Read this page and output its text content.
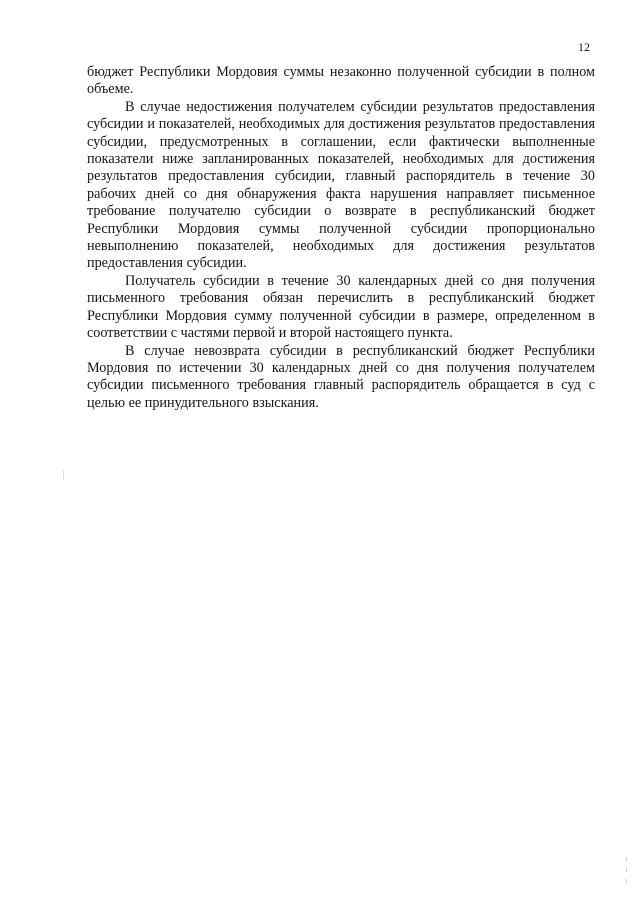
12

бюджет Республики Мордовия суммы незаконно полученной субсидии в полном объеме.

В случае недостижения получателем субсидии результатов предоставления субсидии и показателей, необходимых для достижения результатов предоставления субсидии, предусмотренных в соглашении, если фактически выполненные показатели ниже запланированных показателей, необходимых для достижения результатов предоставления субсидии, главный распорядитель в течение 30 рабочих дней со дня обнаружения факта нарушения направляет письменное требование получателю субсидии о возврате в республиканский бюджет Республики Мордовия суммы полученной субсидии пропорционально невыполнению показателей, необходимых для достижения результатов предоставления субсидии.

Получатель субсидии в течение 30 календарных дней со дня получения письменного требования обязан перечислить в республиканский бюджет Республики Мордовия сумму полученной субсидии в размере, определенном в соответствии с частями первой и второй настоящего пункта.

В случае невозврата субсидии в республиканский бюджет Республики Мордовия по истечении 30 календарных дней со дня получения получателем субсидии письменного требования главный распорядитель обращается в суд с целью ее принудительного взыскания.
